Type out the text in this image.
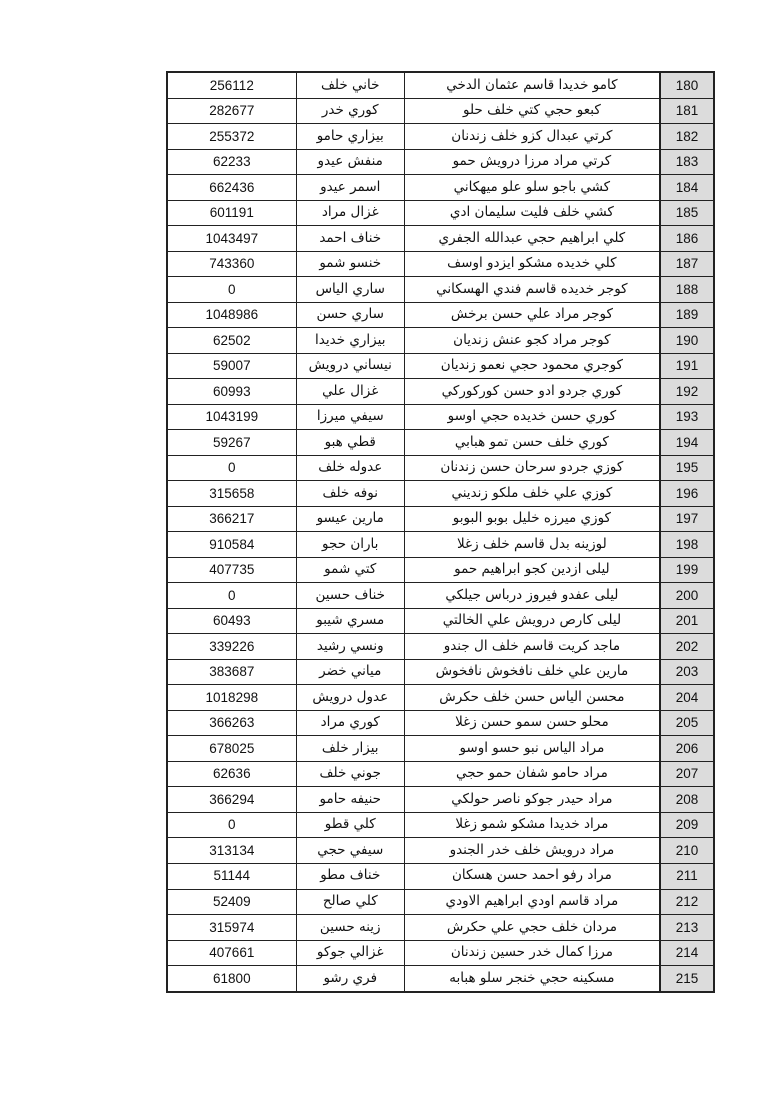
256112	خاني خلف	كامو خديدا قاسم عثمان الدخي	180
282677	كوري خدر	كبعو حجي كتي خلف حلو	181
255372	بيزاري حامو	كرتي عبدال كزو خلف زندنان	182
62233	منفش عيدو	كرتي مراد مرزا درويش حمو	183
662436	اسمر عيدو	كشي باجو سلو علو ميهكاني	184
601191	غزال مراد	كشي خلف فليت سليمان ادي	185
1043497	خناف احمد	كلي ابراهيم حجي عبدالله الجفري	186
743360	خنسو شمو	كلي خديده مشكو ايزدو اوسف	187
0	ساري الياس	كوجر خديده قاسم فندي الهسكاني	188
1048986	ساري حسن	كوجر مراد علي حسن برخش	189
62502	بيزاري خديدا	كوجر مراد كجو عنش زنديان	190
59007	نيساني درويش	كوجري محمود حجي نعمو زنديان	191
60993	غزال علي	كوري جردو ادو حسن كوركوركي	192
1043199	سيفي ميرزا	كوري حسن خديده حجي اوسو	193
59267	قطي هبو	كوري خلف حسن تمو هبابي	194
0	عدوله خلف	كوزي جردو سرحان حسن زندنان	195
315658	نوفه خلف	كوزي علي خلف ملكو زنديني	196
366217	مارين عيسو	كوزي ميرزه خليل بوبو البوبو	197
910584	باران حجو	لوزينه بدل قاسم خلف زغلا	198
407735	كتي شمو	ليلى ازدين كجو ابراهيم حمو	199
0	خناف حسين	ليلى عفدو فيروز درباس جيلكي	200
60493	مسري شيبو	ليلى كارص درويش علي الخالتي	201
339226	ونسي رشيد	ماجد كريت قاسم خلف ال جندو	202
383687	مياني خضر	مارين علي خلف نافخوش نافخوش	203
1018298	عدول درويش	محسن الياس حسن خلف حكرش	204
366263	كوري مراد	محلو حسن سمو حسن زغلا	205
678025	بيزار خلف	مراد الياس نبو حسو اوسو	206
62636	جوني خلف	مراد حامو شفان حمو حجي	207
366294	حنيفه حامو	مراد حيدر جوكو ناصر حولكي	208
0	كلي قطو	مراد خديدا مشكو شمو زغلا	209
313134	سيفي حجي	مراد درويش خلف خدر الجندو	210
51144	خناف مطو	مراد رفو احمد حسن هسكان	211
52409	كلي صالح	مراد قاسم اودي ابراهيم الاودي	212
315974	زينه حسين	مردان خلف حجي علي حكرش	213
407661	غزالي جوكو	مرزا كمال خدر حسين زندنان	214
61800	فري رشو	مسكينه حجي خنجر سلو هبابه	215
